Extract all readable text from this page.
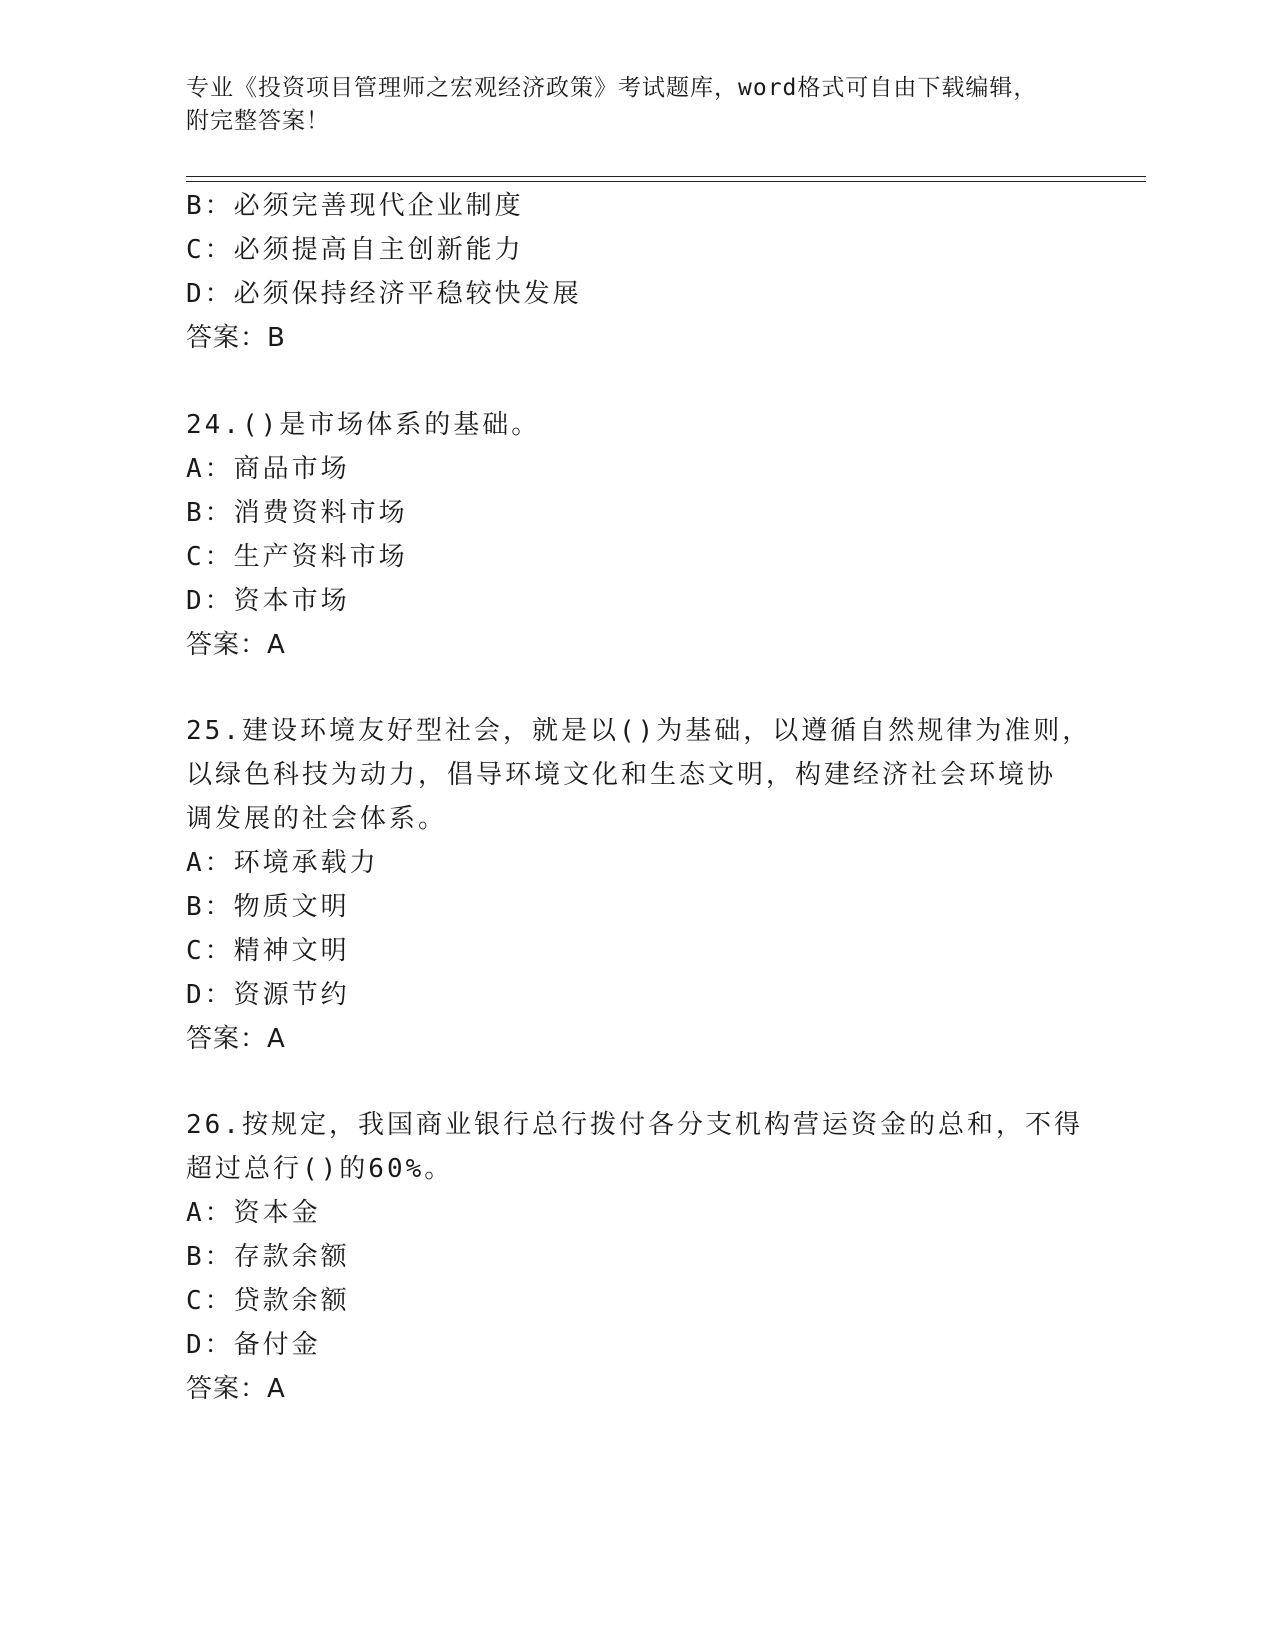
专业《投资项目管理师之宏观经济政策》考试题库，word格式可自由下载编辑，
附完整答案！
B：必须完善现代企业制度
C：必须提高自主创新能力
D：必须保持经济平稳较快发展
答案：B
24.()是市场体系的基础。
A：商品市场
B：消费资料市场
C：生产资料市场
D：资本市场
答案：A
25.建设环境友好型社会，就是以()为基础，以遵循自然规律为准则，
以绿色科技为动力，倡导环境文化和生态文明，构建经济社会环境协
调发展的社会体系。
A：环境承载力
B：物质文明
C：精神文明
D：资源节约
答案：A
26.按规定，我国商业银行总行拨付各分支机构营运资金的总和，不得
超过总行()的60%。
A：资本金
B：存款余额
C：贷款余额
D：备付金
答案：A
